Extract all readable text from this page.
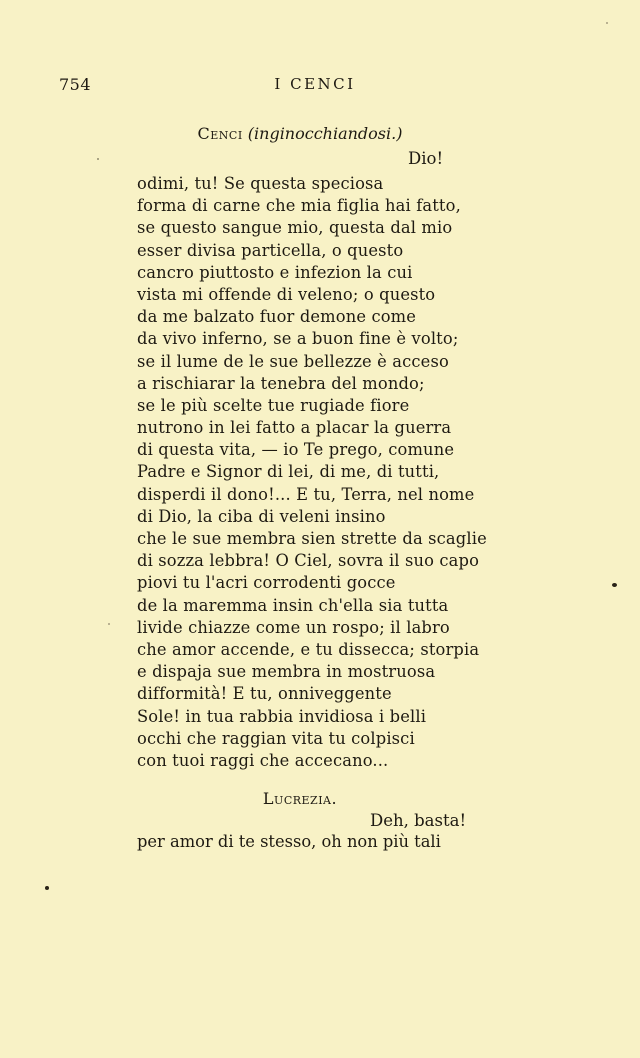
754	I CENCI
Cenci (inginocchiandosi.)
Dio!
odimi, tu! Se questa speciosa
forma di carne che mia figlia hai fatto,
se questo sangue mio, questa dal mio
esser divisa particella, o questo
cancro piuttosto e infezion la cui
vista mi offende di veleno; o questo
da me balzato fuor demone come
da vivo inferno, se a buon fine è volto;
se il lume de le sue bellezze è acceso
a rischiarar la tenebra del mondo;
se le più scelte tue rugiade fiore
nutrono in lei fatto a placar la guerra
di questa vita, — io Te prego, comune
Padre e Signor di lei, di me, di tutti,
disperdi il dono!... E tu, Terra, nel nome
di Dio, la ciba di veleni insino
che le sue membra sien strette da scaglie
di sozza lebbra! O Ciel, sovra il suo capo
piovi tu l'acri corrodenti gocce
de la maremma insin ch'ella sia tutta
livide chiazze come un rospo; il labro
che amor accende, e tu dissecca; storpia
e dispaja sue membra in mostruosa
difformità! E tu, onniveggente
Sole! in tua rabbia invidiosa i belli
occhi che raggian vita tu colpisci
con tuoi raggi che accecano...
Lucrezia.
Deh, basta!
per amor di te stesso, oh non più tali
